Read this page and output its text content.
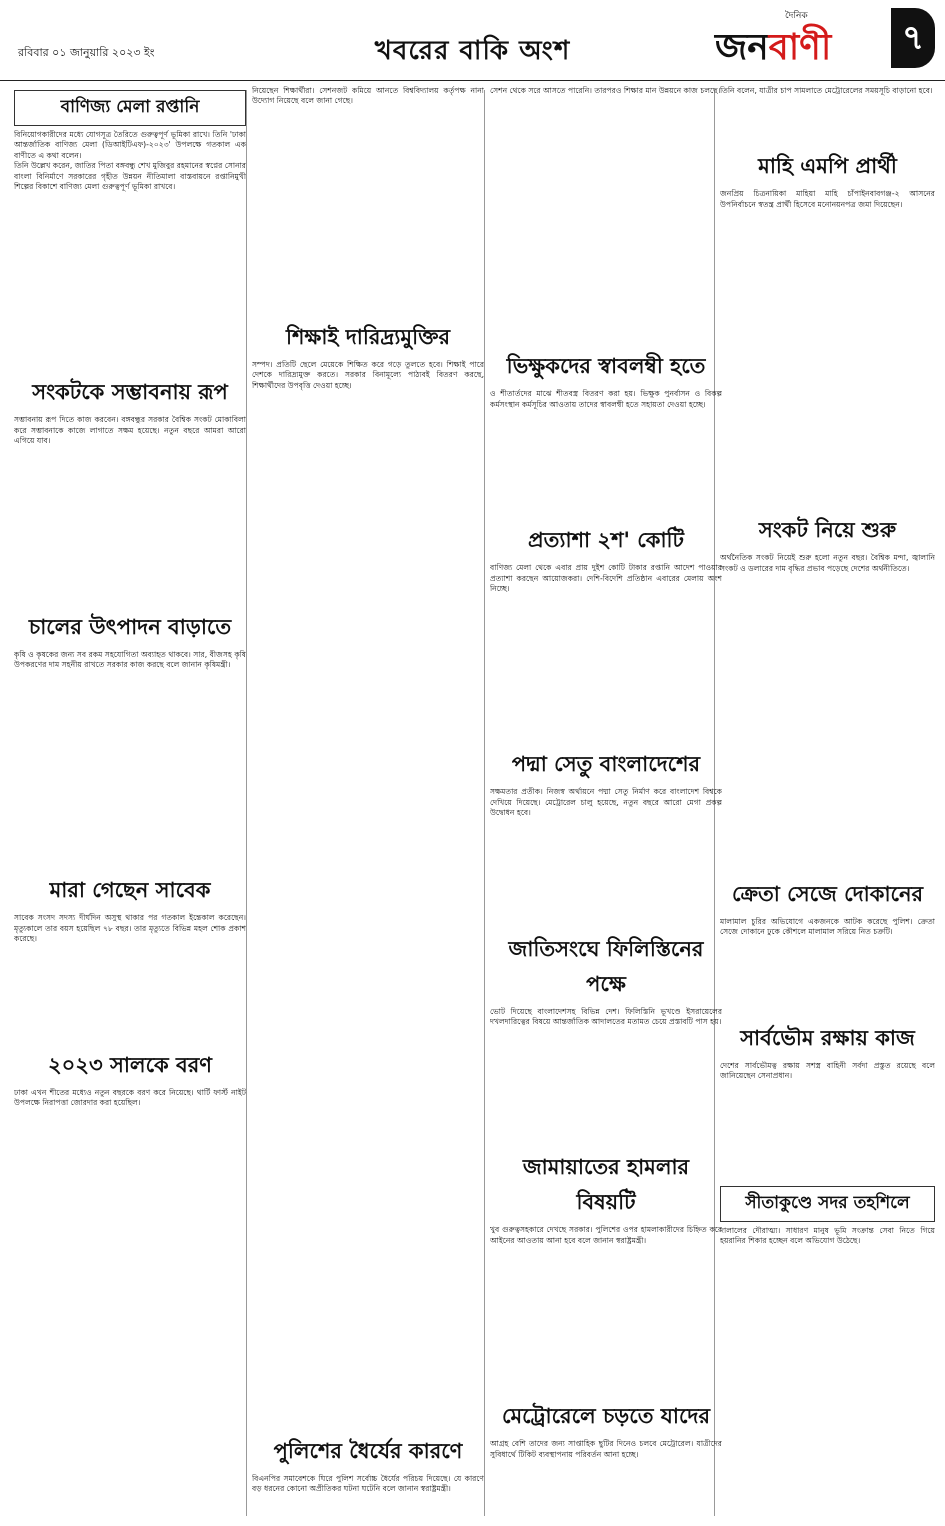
রবিবার ০১ জানুয়ারি ২০২৩ ইং	খবরের বাকি অংশ
দৈনিক
জনবাণী	৭
বাণিজ্য মেলা রপ্তানি

বিনিয়োগকারীদের মধ্যে যোগসূত্র তৈরিতে গুরুত্বপূর্ণ ভূমিকা রাখে। তিনি 'ঢাকা আন্তর্জাতিক বাণিজ্য মেলা (ডিআইটিএফ)-২০২৩' উপলক্ষে গতকাল এক বাণীতে এ কথা বলেন।

তিনি উল্লেখ করেন, জাতির পিতা বঙ্গবন্ধু শেখ মুজিবুর রহমানের স্বপ্নের সোনার বাংলা বিনির্মাণে সরকারের গৃহীত উন্নয়ন নীতিমালা বাস্তবায়নে রপ্তানিমুখী শিল্পের বিকাশে বাণিজ্য মেলা গুরুত্বপূর্ণ ভূমিকা রাখবে।

সংকটকে সম্ভাবনায় রূপ

সম্ভাবনায় রূপ দিতে কাজ করবেন। বঙ্গবন্ধুর সরকার বৈশ্বিক সংকট মোকাবিলা করে সম্ভাবনাকে কাজে লাগাতে সক্ষম হয়েছে। নতুন বছরে আমরা আরো এগিয়ে যাব।

চালের উৎপাদন বাড়াতে

কৃষি ও কৃষকের জন্য সব রকম সহযোগিতা অব্যাহত থাকবে। সার, বীজসহ কৃষি উপকরণের দাম সহনীয় রাখতে সরকার কাজ করছে বলে জানান কৃষিমন্ত্রী।

মারা গেছেন সাবেক

সাবেক সংসদ সদস্য দীর্ঘদিন অসুস্থ থাকার পর গতকাল ইন্তেকাল করেছেন। মৃত্যুকালে তার বয়স হয়েছিল ৭৮ বছর। তার মৃত্যুতে বিভিন্ন মহল শোক প্রকাশ করেছে।

২০২৩ সালকে বরণ

ঢাকা এখন শীতের মধ্যেও নতুন বছরকে বরণ করে নিয়েছে। থার্টি ফার্স্ট নাইট উপলক্ষে নিরাপত্তা জোরদার করা হয়েছিল।

নিয়েছেন শিক্ষার্থীরা। সেশনজট কমিয়ে আনতে বিশ্ববিদ্যালয় কর্তৃপক্ষ নানা উদ্যোগ নিয়েছে বলে জানা গেছে।

শিক্ষাই দারিদ্র্যমুক্তির

সম্পদ। প্রতিটি ছেলে মেয়েকে শিক্ষিত করে গড়ে তুলতে হবে। শিক্ষাই পারে দেশকে দারিদ্র্যমুক্ত করতে। সরকার বিনামূল্যে পাঠ্যবই বিতরণ করছে, শিক্ষার্থীদের উপবৃত্তি দেওয়া হচ্ছে।

পুলিশের ধৈর্যের কারণে

বিএনপির সমাবেশকে ঘিরে পুলিশ সর্বোচ্চ ধৈর্যের পরিচয় দিয়েছে। যে কারণে বড় ধরনের কোনো অপ্রীতিকর ঘটনা ঘটেনি বলে জানান স্বরাষ্ট্রমন্ত্রী।

সেশন থেকে সরে আসতে পারেনি। তারপরও শিক্ষার মান উন্নয়নে কাজ চলছে।

ভিক্ষুকদের স্বাবলম্বী হতে

ও শীতার্তদের মাঝে শীতবস্ত্র বিতরণ করা হয়। ভিক্ষুক পুনর্বাসন ও বিকল্প কর্মসংস্থান কর্মসূচির আওতায় তাদের স্বাবলম্বী হতে সহায়তা দেওয়া হচ্ছে।

প্রত্যাশা ২শ' কোটি

বাণিজ্য মেলা থেকে এবার প্রায় দুইশ কোটি টাকার রপ্তানি আদেশ পাওয়ার প্রত্যাশা করছেন আয়োজকরা। দেশি-বিদেশি প্রতিষ্ঠান এবারের মেলায় অংশ নিচ্ছে।

পদ্মা সেতু বাংলাদেশের

সক্ষমতার প্রতীক। নিজস্ব অর্থায়নে পদ্মা সেতু নির্মাণ করে বাংলাদেশ বিশ্বকে দেখিয়ে দিয়েছে। মেট্রোরেল চালু হয়েছে, নতুন বছরে আরো মেগা প্রকল্প উদ্বোধন হবে।

জাতিসংঘে ফিলিস্তিনের পক্ষে

ভোট দিয়েছে বাংলাদেশসহ বিভিন্ন দেশ। ফিলিস্তিনি ভূখণ্ডে ইসরায়েলের দখলদারিত্বের বিষয়ে আন্তর্জাতিক আদালতের মতামত চেয়ে প্রস্তাবটি পাস হয়।

জামায়াতের হামলার বিষয়টি

খুব গুরুত্বসহকারে দেখছে সরকার। পুলিশের ওপর হামলাকারীদের চিহ্নিত করে আইনের আওতায় আনা হবে বলে জানান স্বরাষ্ট্রমন্ত্রী।

মেট্রোরেলে চড়তে যাদের

আগ্রহ বেশি তাদের জন্য সাপ্তাহিক ছুটির দিনেও চলবে মেট্রোরেল। যাত্রীদের সুবিধার্থে টিকিট ব্যবস্থাপনায় পরিবর্তন আনা হচ্ছে।

তিনি বলেন, যাত্রীর চাপ সামলাতে মেট্রোরেলের সময়সূচি বাড়ানো হবে।

মাহি এমপি প্রার্থী

জনপ্রিয় চিত্রনায়িকা মাহিয়া মাহি চাঁপাইনবাবগঞ্জ-২ আসনের উপনির্বাচনে স্বতন্ত্র প্রার্থী হিসেবে মনোনয়নপত্র জমা দিয়েছেন।

সংকট নিয়ে শুরু

অর্থনৈতিক সংকট নিয়েই শুরু হলো নতুন বছর। বৈশ্বিক মন্দা, জ্বালানি সংকট ও ডলারের দাম বৃদ্ধির প্রভাব পড়েছে দেশের অর্থনীতিতে।

ক্রেতা সেজে দোকানের

মালামাল চুরির অভিযোগে একজনকে আটক করেছে পুলিশ। ক্রেতা সেজে দোকানে ঢুকে কৌশলে মালামাল সরিয়ে নিত চক্রটি।

সার্বভৌম রক্ষায় কাজ

দেশের সার্বভৌমত্ব রক্ষায় সশস্ত্র বাহিনী সর্বদা প্রস্তুত রয়েছে বলে জানিয়েছেন সেনাপ্রধান।

সীতাকুণ্ডে সদর তহশিলে

দালালের দৌরাত্ম্য। সাধারণ মানুষ ভূমি সংক্রান্ত সেবা নিতে গিয়ে হয়রানির শিকার হচ্ছেন বলে অভিযোগ উঠেছে।
